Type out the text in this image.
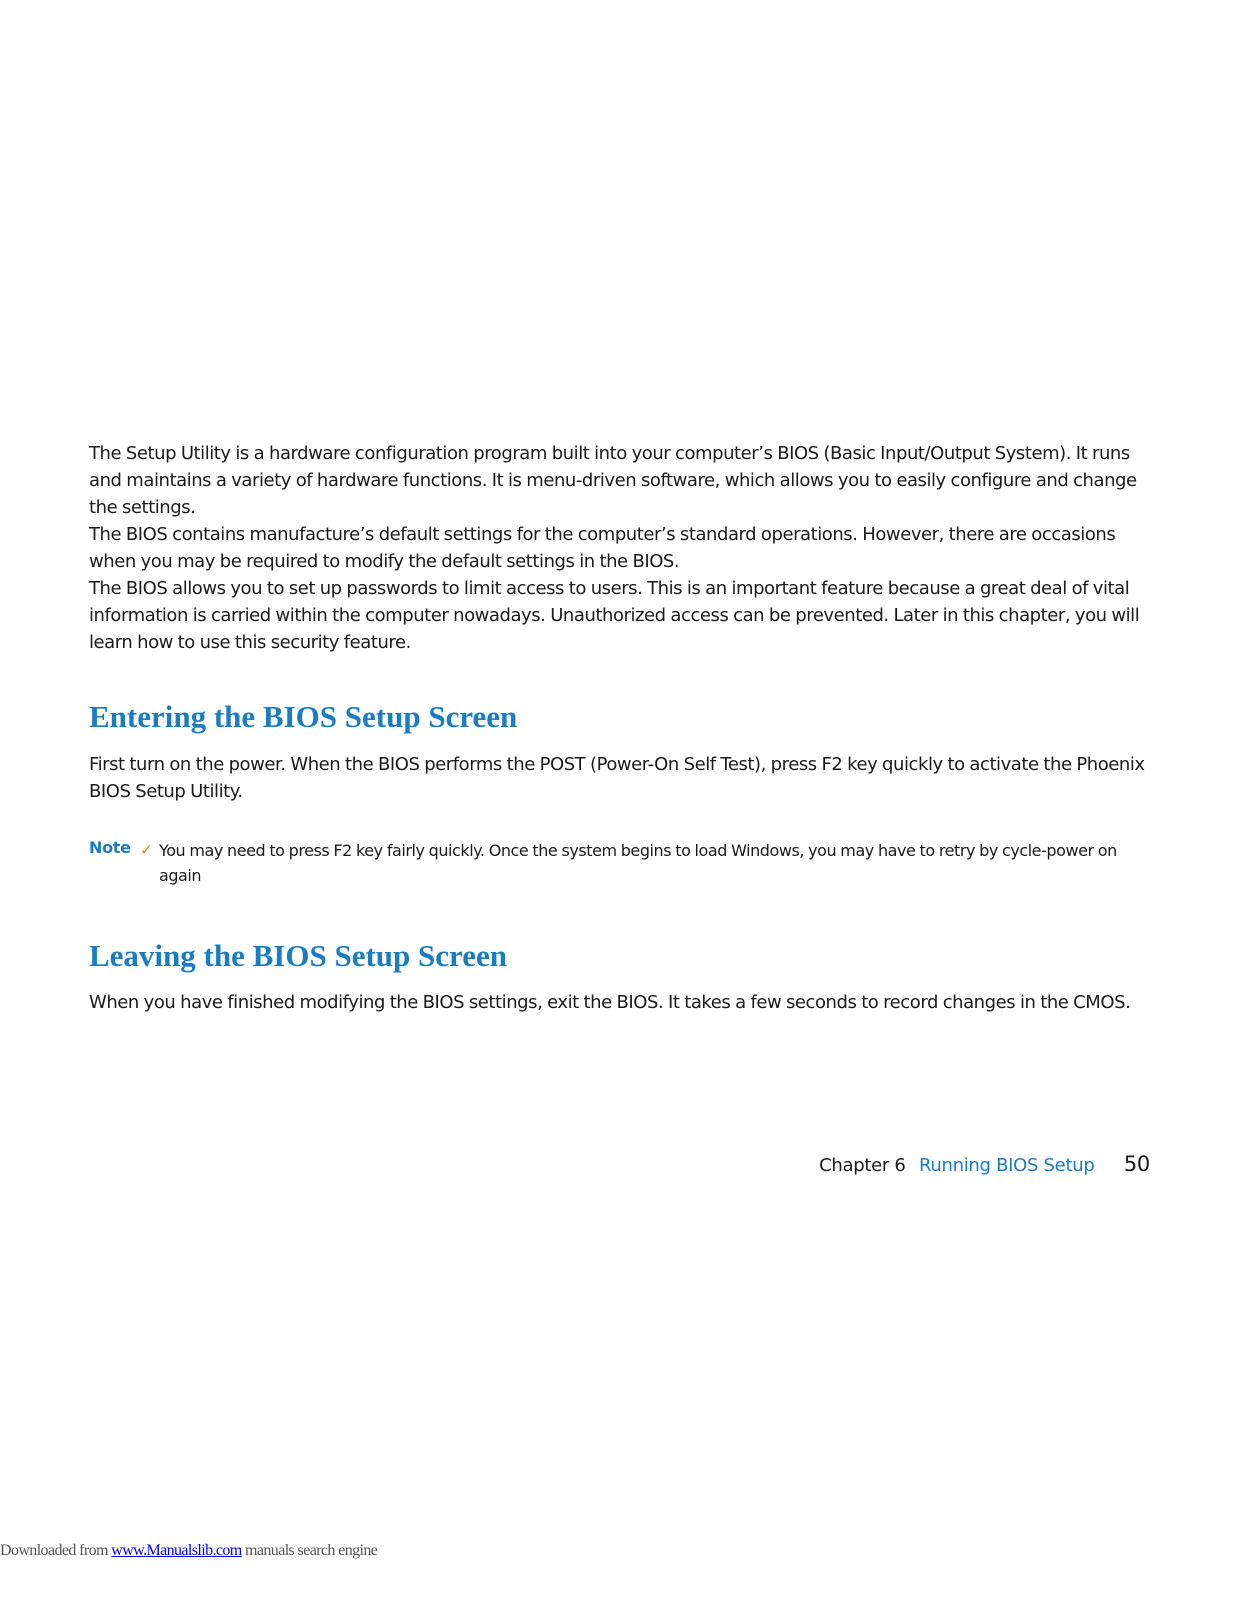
The Setup Utility is a hardware configuration program built into your computer’s BIOS (Basic Input/Output System). It runs and maintains a variety of hardware functions. It is menu-driven software, which allows you to easily configure and change the settings.

The BIOS contains manufacture’s default settings for the computer’s standard operations. However, there are occasions when you may be required to modify the default settings in the BIOS.

The BIOS allows you to set up passwords to limit access to users. This is an important feature because a great deal of vital information is carried within the computer nowadays. Unauthorized access can be prevented. Later in this chapter, you will learn how to use this security feature.

Entering the BIOS Setup Screen

First turn on the power. When the BIOS performs the POST (Power-On Self Test), press F2 key quickly to activate the Phoenix BIOS Setup Utility.

Note ✓ You may need to press F2 key fairly quickly. Once the system begins to load Windows, you may have to retry by cycle-power on again

Leaving the BIOS Setup Screen

When you have finished modifying the BIOS settings, exit the BIOS. It takes a few seconds to record changes in the CMOS.

Chapter 6 Running BIOS Setup 50
Downloaded from www.Manualslib.com manuals search engine
